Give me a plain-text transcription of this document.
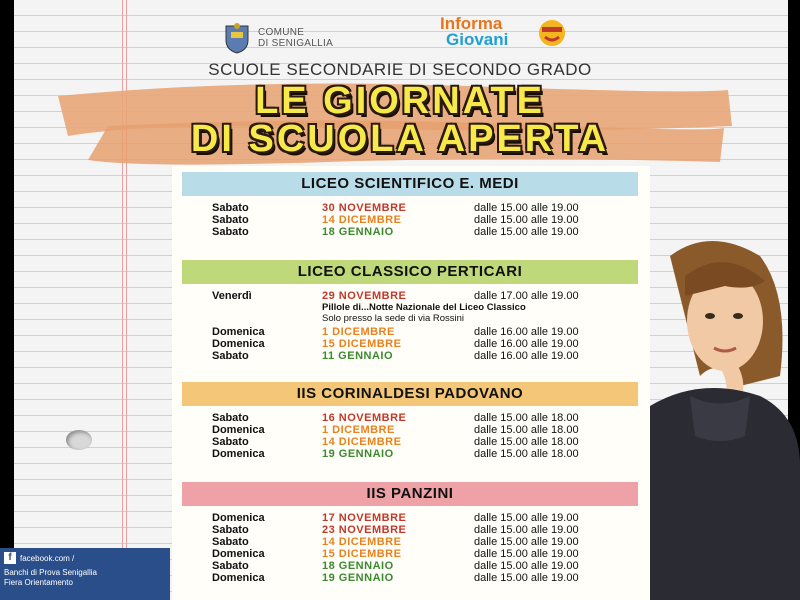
COMUNE
DI SENIGALLIA
Informa
Giovani
SCUOLE SECONDARIE DI SECONDO GRADO
LE GIORNATE
DI SCUOLA APERTA
LICEO SCIENTIFICO E. MEDI
Sabato	30 NOVEMBRE	dalle 15.00 alle 19.00
Sabato	14 DICEMBRE	dalle 15.00 alle 19.00
Sabato	18 GENNAIO	dalle 15.00 alle 19.00
LICEO CLASSICO PERTICARI
Venerdì	29 NOVEMBRE	dalle 17.00 alle 19.00
Pillole di...Notte Nazionale del Liceo Classico
Solo presso la sede di via Rossini
Domenica	1 DICEMBRE	dalle 16.00 alle 19.00
Domenica	15 DICEMBRE	dalle 16.00 alle 19.00
Sabato	11 GENNAIO	dalle 16.00 alle 19.00
IIS CORINALDESI PADOVANO
Sabato	16 NOVEMBRE	dalle 15.00 alle 18.00
Domenica	1 DICEMBRE	dalle 15.00 alle 18.00
Sabato	14 DICEMBRE	dalle 15.00 alle 18.00
Domenica	19 GENNAIO	dalle 15.00 alle 18.00
IIS PANZINI
Domenica	17 NOVEMBRE	dalle 15.00 alle 19.00
Sabato	23 NOVEMBRE	dalle 15.00 alle 19.00
Sabato	14 DICEMBRE	dalle 15.00 alle 19.00
Domenica	15 DICEMBRE	dalle 15.00 alle 19.00
Sabato	18 GENNAIO	dalle 15.00 alle 19.00
Domenica	19 GENNAIO	dalle 15.00 alle 19.00
f	facebook.com /
Banchi di Prova Senigallia
Fiera Orientamento
